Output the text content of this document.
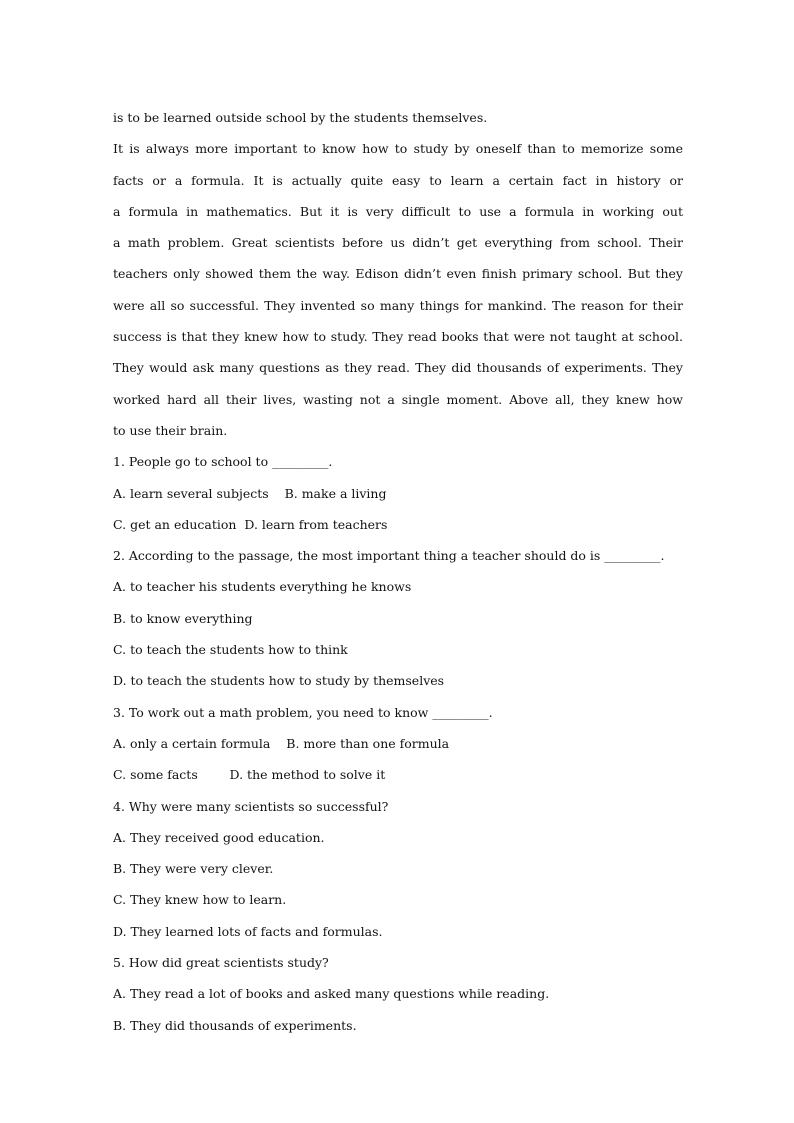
is to be learned outside school by the students themselves.
It is always more important to know how to study by oneself than to memorize some
facts or a formula. It is actually quite easy to learn a certain fact in history or
a formula in mathematics. But it is very difficult to use a formula in working out
a math problem. Great scientists before us didn’t get everything from school. Their
teachers only showed them the way. Edison didn’t even finish primary school. But they
were all so successful. They invented so many things for mankind. The reason for their
success is that they knew how to study. They read books that were not taught at school.
They would ask many questions as they read. They did thousands of experiments. They
worked hard all their lives, wasting not a single moment. Above all, they knew how
to use their brain.
1. People go to school to _________.
A. learn several subjects    B. make a living
C. get an education  D. learn from teachers
2. According to the passage, the most important thing a teacher should do is _________.
A. to teacher his students everything he knows
B. to know everything
C. to teach the students how to think
D. to teach the students how to study by themselves
3. To work out a math problem, you need to know _________.
A. only a certain formula    B. more than one formula
C. some facts        D. the method to solve it
4. Why were many scientists so successful?
A. They received good education.
B. They were very clever.
C. They knew how to learn.
D. They learned lots of facts and formulas.
5. How did great scientists study?
A. They read a lot of books and asked many questions while reading.
B. They did thousands of experiments.
